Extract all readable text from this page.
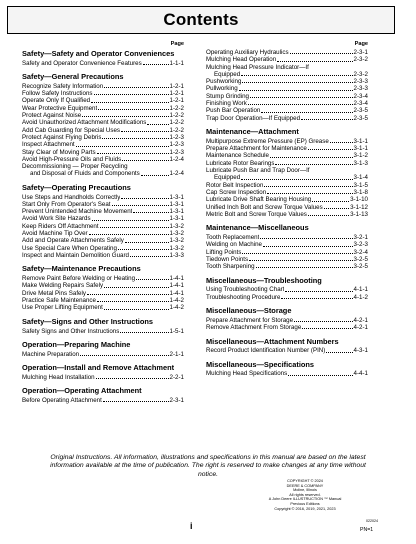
Contents
Page
Safety—Safety and Operator Conveniences
Safety and Operator Convenience Features	1-1-1
Safety—General Precautions
Recognize Safety Information	1-2-1
Follow Safety Instructions	1-2-1
Operate Only If Qualified	1-2-1
Wear Protective Equipment	1-2-2
Protect Against Noise	1-2-2
Avoid Unauthorized Attachment Modifications	1-2-2
Add Cab Guarding for Special Uses	1-2-2
Protect Against Flying Debris	1-2-3
Inspect Attachment	1-2-3
Stay Clear of Moving Parts	1-2-3
Avoid High-Pressure Oils and Fluids	1-2-4
Decommissioning — Proper Recycling
and Disposal of Fluids and Components	1-2-4
Safety—Operating Precautions
Use Steps and Handholds Correctly	1-3-1
Start Only From Operator's Seat	1-3-1
Prevent Unintended Machine Movement	1-3-1
Avoid Work Site Hazards	1-3-1
Keep Riders Off Attachment	1-3-2
Avoid Machine Tip Over	1-3-2
Add and Operate Attachments Safely	1-3-2
Use Special Care When Operating	1-3-2
Inspect and Maintain Demolition Guard	1-3-3
Safety—Maintenance Precautions
Remove Paint Before Welding or Heating	1-4-1
Make Welding Repairs Safely	1-4-1
Drive Metal Pins Safely	1-4-1
Practice Safe Maintenance	1-4-2
Use Proper Lifting Equipment	1-4-2
Safety—Signs and Other Instructions
Safety Signs and Other Instructions	1-5-1
Operation—Preparing Machine
Machine Preparation	2-1-1
Operation—Install and Remove Attachment
Mulching Head Installation	2-2-1
Operation—Operating Attachment
Before Operating Attachment	2-3-1
Page
Operating Auxiliary Hydraulics	2-3-1
Mulching Head Operation	2-3-2
Mulching Head Pressure Indicator—If
Equipped	2-3-2
Pushworking	2-3-3
Pullworking	2-3-3
Stump Grinding	2-3-4
Finishing Work	2-3-4
Push Bar Operation	2-3-5
Trap Door Operation—If Equipped	2-3-5
Maintenance—Attachment
Multipurpose Extreme Pressure (EP) Grease	3-1-1
Prepare Attachment for Maintenance	3-1-1
Maintenance Schedule	3-1-2
Lubricate Rotor Bearings	3-1-3
Lubricate Push Bar and Trap Door—If
Equipped	3-1-4
Rotor Belt Inspection	3-1-5
Cap Screw Inspection	3-1-8
Lubricate Drive Shaft Bearing Housing	3-1-10
Unified Inch Bolt and Screw Torque Values	3-1-12
Metric Bolt and Screw Torque Values	3-1-13
Maintenance—Miscellaneous
Tooth Replacement	3-2-1
Welding on Machine	3-2-3
Lifting Points	3-2-4
Tiedown Points	3-2-5
Tooth Sharpening	3-2-5
Miscellaneous—Troubleshooting
Using Troubleshooting Chart	4-1-1
Troubleshooting Procedure	4-1-2
Miscellaneous—Storage
Prepare Attachment for Storage	4-2-1
Remove Attachment From Storage	4-2-1
Miscellaneous—Attachment Numbers
Record Product Identification Number (PIN)	4-3-1
Miscellaneous—Specifications
Mulching Head Specifications	4-4-1
Original Instructions. All information, illustrations and specifications in this manual are based on the latest information available at the time of publication. The right is reserved to make changes at any time without notice.
COPYRIGHT © 2024
DEERE & COMPANY
Moline, Illinois
All rights reserved.
A John Deere ILLUSTRUCTION ™ Manual
Previous Editions
Copyright © 2016, 2019, 2021, 2023
i	022024
PN=1
